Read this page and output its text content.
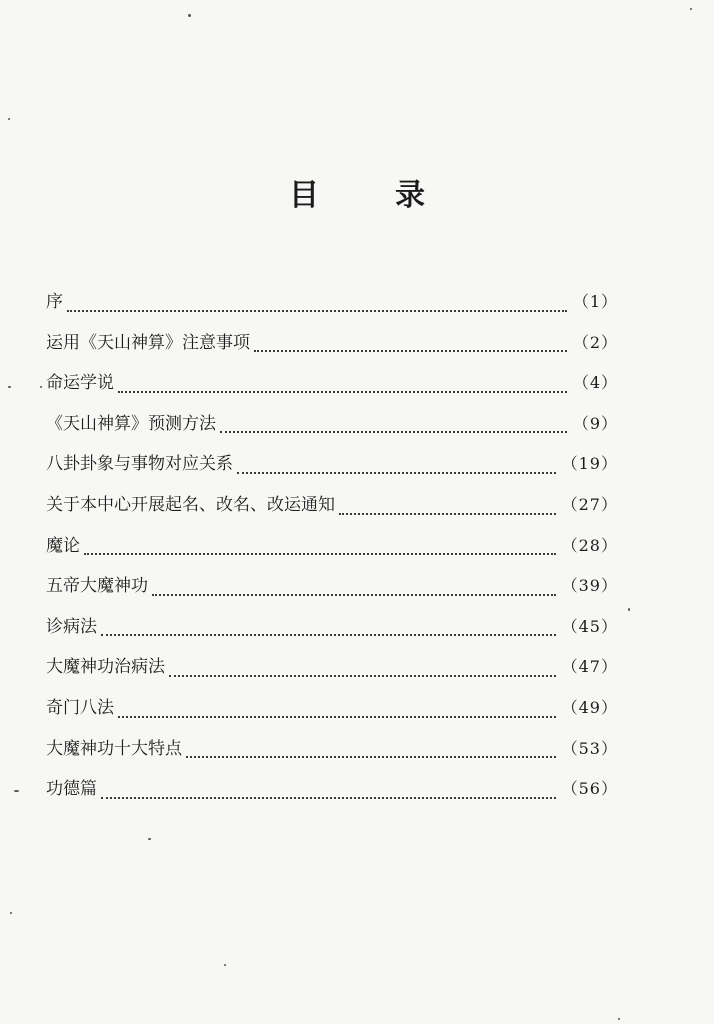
目	录
序	（1）
运用《天山神算》注意事项	（2）
命运学说	（4）
《天山神算》预测方法	（9）
八卦卦象与事物对应关系	（19）
关于本中心开展起名、改名、改运通知	（27）
魔论	（28）
五帝大魔神功	（39）
诊病法	（45）
大魔神功治病法	（47）
奇门八法	（49）
大魔神功十大特点	（53）
功德篇	（56）
